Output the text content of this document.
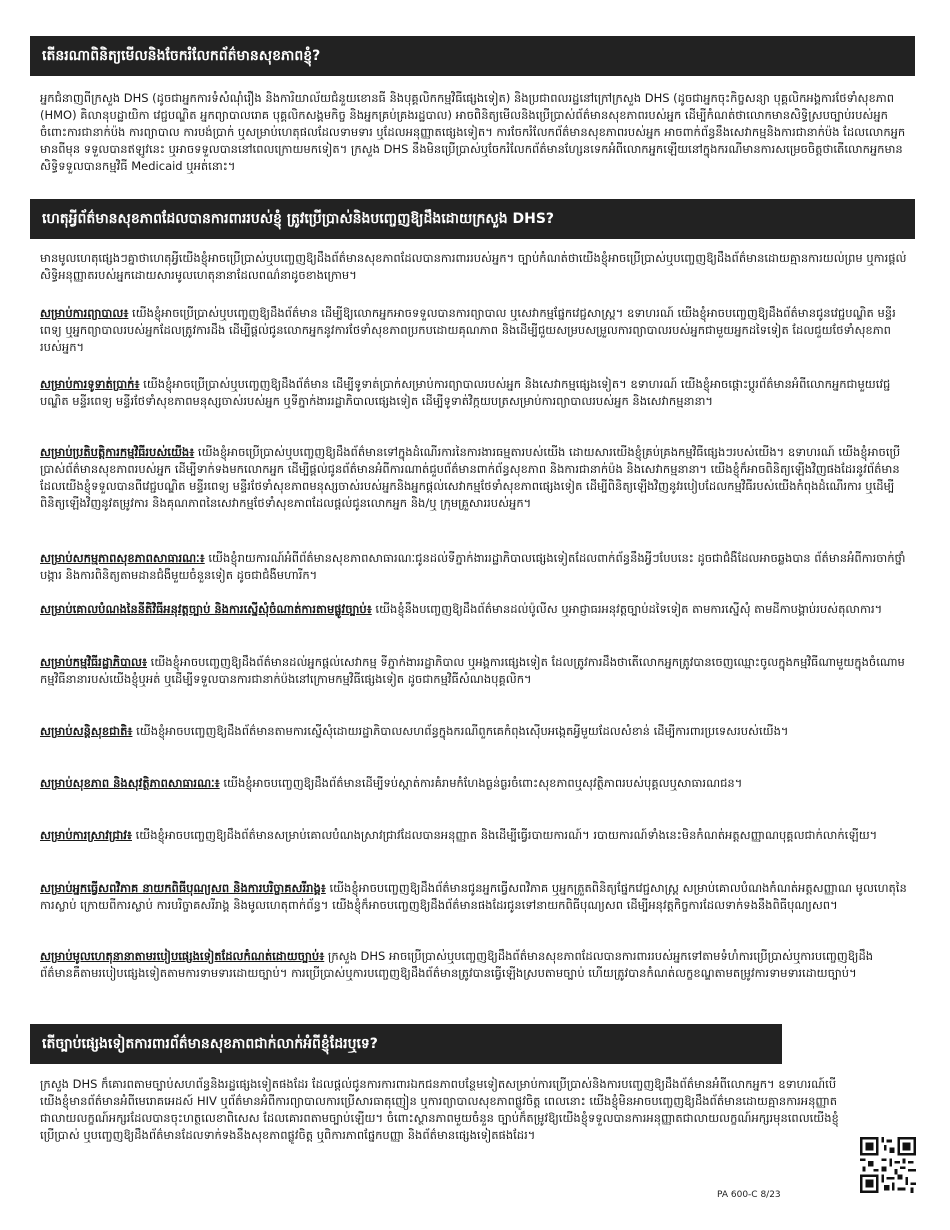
តើនរណាពិនិត្យមើលនិងចែករំលែកព័ត៌មានសុខភាពខ្ញុំ?

អ្នកជំនាញពីក្រសួង DHS (ដូចជាអ្នកការទំសំណុំរឿង និងការិយាល័យជំនួយខោនធី និងបុគ្គលិកកម្មវិធីផ្សេងទៀត) និងប្រជាពលរដ្ឋនៅក្រៅក្រសួង DHS (ដូចជាអ្នកចុះកិច្ចសន្យា បុគ្គលិកអង្គការថែទាំសុខភាព (HMO) គិលានុបដ្ឋាយិកា វេជ្ជបណ្ឌិត អ្នកព្យាបាលរោគ បុគ្គលិកសង្គមកិច្ច និងអ្នកគ្រប់គ្រងរដ្ឋបាល) អាចពិនិត្យមើលនិងប្រើប្រាស់ព័ត៌មានសុខភាពរបស់អ្នក ដើម្បីកំណត់ថាលោកមានសិទ្ធិស្របច្បាប់របស់អ្នកចំពោះការជានាក់ប៉ង ការព្យាបាល ការបង់ប្រាក់ ឬសម្រាប់ហេតុផលដែលទាមទារ ឬដែលអនុញ្ញាតផ្សេងទៀត។ ការចែករំលែកព័ត៌មានសុខភាពរបស់អ្នក អាចពាក់ព័ន្ធនឹងសេវាកម្មនិងការជានាក់ប៉ង ដែលលោកអ្នកមានពីមុន ទទួលបានឥឡូវនេះ ឬអាចទទួលបាននៅពេលក្រោយមកទៀត។ ក្រសួង DHS នឹងមិនប្រើប្រាស់ឬចែករំលែកព័ត៌មានហ្សែនទេកអំពីលោកអ្នកឡើយនៅក្នុងករណីមានការសម្រេចចិត្តថាតើលោកអ្នកមានសិទ្ធិទទួលបានកម្មវិធី Medicaid ឬអត់នោះ។

ហេតុអ្វីព័ត៌មានសុខភាពដែលបានការពាររបស់ខ្ញុំ ត្រូវប្រើប្រាស់និងបញ្ចេញឱ្យដឹងដោយក្រសួង DHS?

មានមូលហេតុផ្សេងៗគ្នាថាហេតុអ្វីយើងខ្ញុំអាចប្រើប្រាស់ឬបញ្ចេញឱ្យដឹងព័ត៌មានសុខភាពដែលបានការពាររបស់អ្នក។ ច្បាប់កំណត់ថាយើងខ្ញុំអាចប្រើប្រាស់ឬបញ្ចេញឱ្យដឹងព័ត៌មានដោយគ្មានការយល់ព្រម ឬការផ្តល់សិទ្ធិអនុញ្ញាតរបស់អ្នកដោយសារមូលហេតុនានាដែលពណ៌នាដូចខាងក្រោម។

សម្រាប់ការព្យាបាល៖ យើងខ្ញុំអាចប្រើប្រាស់ឬបញ្ចេញឱ្យដឹងព័ត៌មាន ដើម្បីឱ្យលោកអ្នកអាចទទួលបានការព្យាបាល ឬសេវាកម្មផ្នែកវេជ្ជសាស្រ្ត។ ឧទាហរណ៍ យើងខ្ញុំអាចបញ្ចេញឱ្យដឹងព័ត៌មានជូនវេជ្ជបណ្ឌិត មន្ទីរពេទ្យ ឬអ្នកព្យាបាលរបស់អ្នកដែលត្រូវការដឹង ដើម្បីផ្តល់ជូនលោកអ្នកនូវការថែទាំសុខភាពប្រកបដោយគុណភាព និងដើម្បីជួយសម្របសម្រួលការព្យាបាលរបស់អ្នកជាមួយអ្នកដទៃទៀត ដែលជួយថែទាំសុខភាពរបស់អ្នក។

សម្រាប់ការទូទាត់ប្រាក់៖ យើងខ្ញុំអាចប្រើប្រាស់ឬបញ្ចេញឱ្យដឹងព័ត៌មាន ដើម្បីទូទាត់ប្រាក់សម្រាប់ការព្យាបាលរបស់អ្នក និងសេវាកម្មផ្សេងទៀត។ ឧទាហរណ៍ យើងខ្ញុំអាចផ្តោះប្តូរព័ត៌មានអំពីលោកអ្នកជាមួយវេជ្ជបណ្ឌិត មន្ទីរពេទ្យ មន្ទីរថែទាំសុខភាពមនុស្សចាស់របស់អ្នក ឬទីភ្នាក់ងាររដ្ឋាភិបាលផ្សេងទៀត ដើម្បីទូទាត់វិក្កយបត្រសម្រាប់ការព្យាបាលរបស់អ្នក និងសេវាកម្មនានា។

សម្រាប់ប្រតិបត្តិការកម្មវិធីរបស់យើង៖ យើងខ្ញុំអាចប្រើប្រាស់ឬបញ្ចេញឱ្យដឹងព័ត៌មានទៅក្នុងដំណើរការនៃការងារធម្មតារបស់យើង ដោយសារយើងខ្ញុំគ្រប់គ្រងកម្មវិធីផ្សេងៗរបស់យើង។ ឧទាហរណ៍ យើងខ្ញុំអាចប្រើប្រាស់ព័ត៌មានសុខភាពរបស់អ្នក ដើម្បីទាក់ទងមកលោកអ្នក ដើម្បីផ្តល់ជូនព័ត៌មានអំពីការណាត់ជួបព័ត៌មានពាក់ព័ន្ធសុខភាព និងការជានាក់ប៉ង និងសេវាកម្មនានា។ យើងខ្ញុំក៏អាចពិនិត្យឡើងវិញផងដែរនូវព័ត៌មានដែលយើងខ្ញុំទទួលបានពីវេជ្ជបណ្ឌិត មន្ទីរពេទ្យ មន្ទីរថែទាំសុខភាពមនុស្សចាស់របស់អ្នកនិងអ្នកផ្តល់សេវាកម្មថែទាំសុខភាពផ្សេងទៀត ដើម្បីពិនិត្យឡើងវិញនូវរបៀបដែលកម្មវិធីរបស់យើងកំពុងដំណើរការ ឬដើម្បីពិនិត្យឡើងវិញនូវតម្រូវការ និងគុណភាពនៃសេវាកម្មថែទាំសុខភាពដែលផ្តល់ជូនលោកអ្នក និង/ឬ ក្រុមគ្រួសាររបស់អ្នក។

សម្រាប់សកម្មភាពសុខភាពសាធារណៈ៖ យើងខ្ញុំរាយការណ៍អំពីព័ត៌មានសុខភាពសាធារណៈជូនដល់ទីភ្នាក់ងាររដ្ឋាភិបាលផ្សេងទៀតដែលពាក់ព័ន្ធនឹងអ្វីៗបែបនេះ ដូចជាជំងឺដែលអាចឆ្លងបាន ព័ត៌មានអំពីការចាក់ថ្នាំបង្ការ និងការពិនិត្យតាមដានជំងឺមួយចំនួនទៀត ដូចជាជំងឺមហារីក។

សម្រាប់គោលបំណងនៃនីតិវិធីអនុវត្តច្បាប់ និងការស្នើសុំចំណាត់ការតាមផ្លូវច្បាប់៖ យើងខ្ញុំនឹងបញ្ចេញឱ្យដឹងព័ត៌មានដល់ប៉ូលីស ឬអាជ្ញាធរអនុវត្តច្បាប់ដទៃទៀត តាមការស្នើសុំ តាមដីកាបង្គាប់របស់តុលាការ។

សម្រាប់កម្មវិធីរដ្ឋាភិបាល៖ យើងខ្ញុំអាចបញ្ចេញឱ្យដឹងព័ត៌មានដល់អ្នកផ្តល់សេវាកម្ម ទីភ្នាក់ងាររដ្ឋាភិបាល ឬអង្គការផ្សេងទៀត ដែលត្រូវការដឹងថាតើលោកអ្នកត្រូវបានចេញឈ្មោះចូលក្នុងកម្មវិធីណាមួយក្នុងចំណោមកម្មវិធីនានារបស់យើងខ្ញុំឬអត់ ឬដើម្បីទទួលបានការជានាក់ប៉ងនៅក្រោមកម្មវិធីផ្សេងទៀត ដូចជាកម្មវិធីសំណងបុគ្គលិក។

សម្រាប់សន្តិសុខជាតិ៖ យើងខ្ញុំអាចបញ្ចេញឱ្យដឹងព័ត៌មានតាមការស្នើសុំដោយរដ្ឋាភិបាលសហព័ន្ធក្នុងករណីពួកគេកំពុងស៊ើបអង្កេតអ្វីមួយដែលសំខាន់ ដើម្បីការពារប្រទេសរបស់យើង។

សម្រាប់សុខភាព និងសុវត្ថិភាពសាធារណៈ៖ យើងខ្ញុំអាចបញ្ចេញឱ្យដឹងព័ត៌មានដើម្បីទប់ស្កាត់ការគំរាមកំហែងធ្ងន់ធ្ងរចំពោះសុខភាពឬសុវត្ថិភាពរបស់បុគ្គលឬសាធារណជន។

សម្រាប់ការស្រាវជ្រាវ៖ យើងខ្ញុំអាចបញ្ចេញឱ្យដឹងព័ត៌មានសម្រាប់គោលបំណងស្រាវជ្រាវដែលបានអនុញ្ញាត និងដើម្បីធ្វើរបាយការណ៍។ របាយការណ៍ទាំងនេះមិនកំណត់អត្តសញ្ញាណបុគ្គលជាក់លាក់ឡើយ។

សម្រាប់អ្នកធ្វើសពវិភាគ នាយកពិធីបុណ្យសព និងការបរិច្ចាគសរីរាង្គ៖ យើងខ្ញុំអាចបញ្ចេញឱ្យដឹងព័ត៌មានជូនអ្នកធ្វើសពវិភាគ ឬអ្នកត្រួតពិនិត្យផ្នែកវេជ្ជសាស្រ្ត សម្រាប់គោលបំណងកំណត់អត្តសញ្ញាណ មូលហេតុនៃការស្លាប់ ក្រោយពីការស្លាប់ ការបរិច្ចាគសរីរាង្គ និងមូលហេតុពាក់ព័ន្ធ។ យើងខ្ញុំក៏អាចបញ្ចេញឱ្យដឹងព័ត៌មានផងដែរជូនទៅនាយកពិធីបុណ្យសព ដើម្បីអនុវត្តកិច្ចការដែលទាក់ទងនឹងពិធីបុណ្យសព។

សម្រាប់មូលហេតុនានាតាមរបៀបផ្សេងទៀតដែលកំណត់ដោយច្បាប់៖ ក្រសួង DHS អាចប្រើប្រាស់ឬបញ្ចេញឱ្យដឹងព័ត៌មានសុខភាពដែលបានការពាររបស់អ្នកទៅតាមទំហំការប្រើប្រាស់ឬការបញ្ចេញឱ្យដឹងព័ត៌មានគឺតាមរបៀបផ្សេងទៀតតាមការទាមទារដោយច្បាប់។ ការប្រើប្រាស់ឬការបញ្ចេញឱ្យដឹងព័ត៌មានត្រូវបានធ្វើឡើងស្របតាមច្បាប់ ហើយត្រូវបានកំណត់លក្ខខណ្ឌតាមតម្រូវការទាមទារដោយច្បាប់។

តើច្បាប់ផ្សេងទៀតការពារព័ត៌មានសុខភាពជាក់លាក់អំពីខ្ញុំដែរឬទេ?

ក្រសួង DHS ក៏គោរពតាមច្បាប់សហព័ន្ធនិងរដ្ឋផ្សេងទៀតផងដែរ ដែលផ្តល់ជូនការការពារឯកជនភាពបន្ថែមទៀតសម្រាប់ការប្រើប្រាស់និងការបញ្ចេញឱ្យដឹងព័ត៌មានអំពីលោកអ្នក។ ឧទាហរណ៍បើយើងខ្ញុំមានព័ត៌មានអំពីមេរោគអេដស៍ HIV ឬព័ត៌មានអំពីការព្យាបាលការប្រើសារធាតុញៀន ឬការព្យាបាលសុខភាពផ្លូវចិត្ត ពេលនោះ យើងខ្ញុំមិនអាចបញ្ចេញឱ្យដឹងព័ត៌មានដោយគ្មានការអនុញ្ញាតជាលាយលក្ខណ៍អក្សរដែលបានចុះហត្ថលេខាពិសេស ដែលគោរពតាមច្បាប់ឡើយ។ ចំពោះស្ថានភាពមួយចំនួន ច្បាប់ក៏តម្រូវឱ្យយើងខ្ញុំទទួលបានការអនុញ្ញាតជាលាយលក្ខណ៍អក្សរមុនពេលយើងខ្ញុំប្រើប្រាស់ ឬបញ្ចេញឱ្យដឹងព័ត៌មានដែលទាក់ទងនឹងសុខភាពផ្លូវចិត្ត ឬពិការភាពផ្នែកបញ្ញា និងព័ត៌មានផ្សេងទៀតផងដែរ។

PA 600-C 8/23
